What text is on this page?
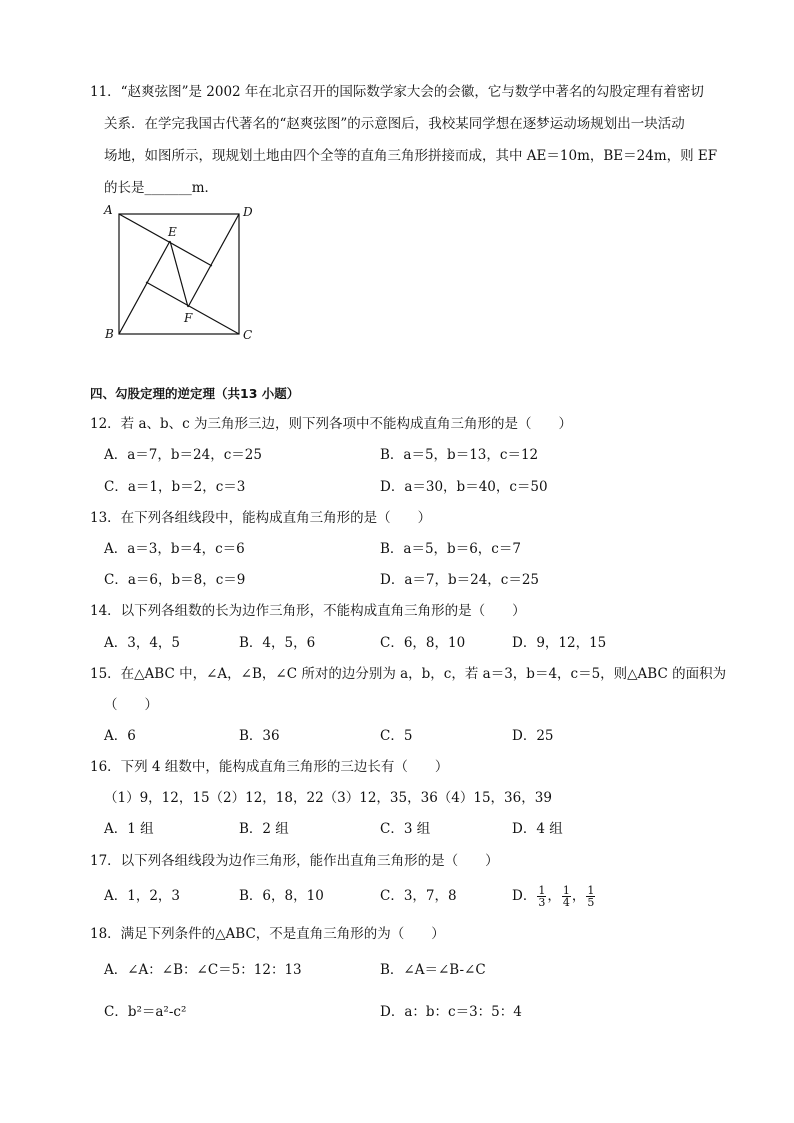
11．“赵爽弦图”是 2002 年在北京召开的国际数学家大会的会徽，它与数学中著名的勾股定理有着密切
关系．在学完我国古代著名的“赵爽弦图”的示意图后，我校某同学想在逐梦运动场规划出一块活动
场地，如图所示，现规划土地由四个全等的直角三角形拼接而成，其中 AE＝10m，BE＝24m，则 EF
的长是_______m．
A	D
B	C
E
F
四、勾股定理的逆定理（共13 小题）
12．若 a、b、c 为三角形三边，则下列各项中不能构成直角三角形的是（　　）
A．a＝7，b＝24，c＝25	B．a＝5，b＝13，c＝12
C．a＝1，b＝2，c＝3	D．a＝30，b＝40，c＝50
13．在下列各组线段中，能构成直角三角形的是（　　）
A．a＝3，b＝4，c＝6	B．a＝5，b＝6，c＝7
C．a＝6，b＝8，c＝9	D．a＝7，b＝24，c＝25
14．以下列各组数的长为边作三角形，不能构成直角三角形的是（　　）
A．3，4，5	B．4，5，6	C．6，8，10	D．9，12，15
15．在△ABC 中，∠A，∠B，∠C 所对的边分别为 a，b，c，若 a＝3，b＝4，c＝5，则△ABC 的面积为
（　　）
A．6	B．36	C．5	D．25
16．下列 4 组数中，能构成直角三角形的三边长有（　　）
（1）9，12，15（2）12，18，22（3）12，35，36（4）15，36，39
A．1 组	B．2 组	C．3 组	D．4 组
17．以下列各组线段为边作三角形，能作出直角三角形的是（　　）
A．1，2，3	B．6，8，10	C．3，7，8	D． $\frac{1}{3}$ ， $\frac{1}{4}$ ， $\frac{1}{5}$
18．满足下列条件的△ABC，不是直角三角形的为（　　）
A．∠A：∠B：∠C＝5：12：13	B．∠A＝∠B-∠C
C．b²＝a²-c²	D．a：b：c＝3：5：4
